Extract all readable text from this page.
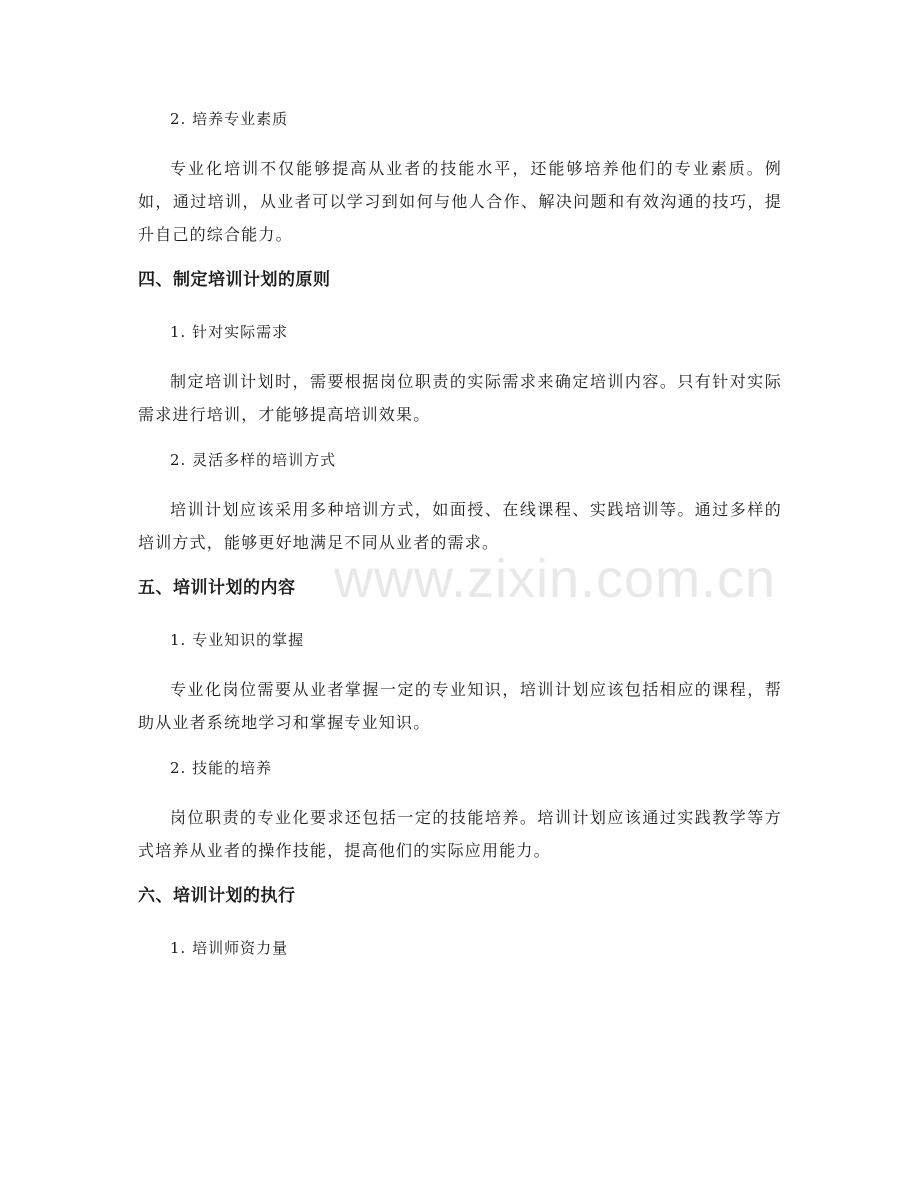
2. 培养专业素质

专业化培训不仅能够提高从业者的技能水平，还能够培养他们的专业素质。例如，通过培训，从业者可以学习到如何与他人合作、解决问题和有效沟通的技巧，提升自己的综合能力。

四、制定培训计划的原则

1. 针对实际需求

制定培训计划时，需要根据岗位职责的实际需求来确定培训内容。只有针对实际需求进行培训，才能够提高培训效果。

2. 灵活多样的培训方式

培训计划应该采用多种培训方式，如面授、在线课程、实践培训等。通过多样的培训方式，能够更好地满足不同从业者的需求。

五、培训计划的内容

1. 专业知识的掌握

专业化岗位需要从业者掌握一定的专业知识，培训计划应该包括相应的课程，帮助从业者系统地学习和掌握专业知识。

2. 技能的培养

岗位职责的专业化要求还包括一定的技能培养。培训计划应该通过实践教学等方式培养从业者的操作技能，提高他们的实际应用能力。

六、培训计划的执行

1. 培训师资力量

www.zixin.com.cn
